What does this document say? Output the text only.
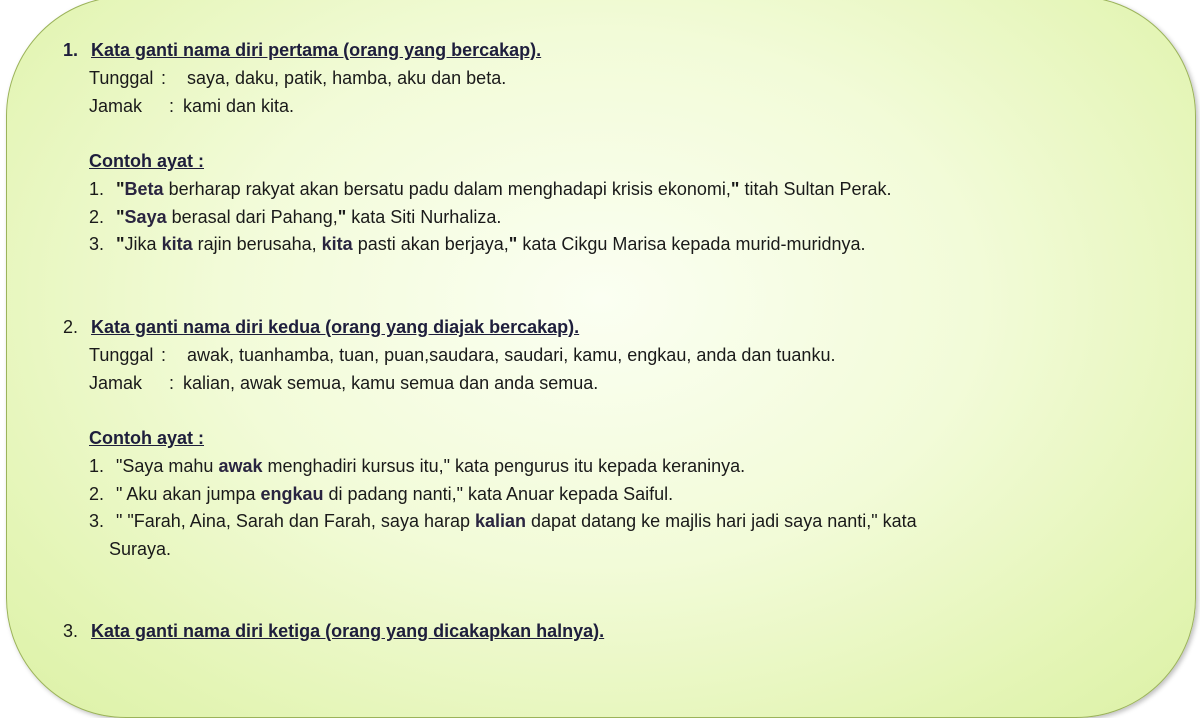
1. Kata ganti nama diri pertama (orang yang bercakap).
Tunggal : saya, daku, patik, hamba, aku dan beta.
Jamak : kami dan kita.
Contoh ayat :
1. "Beta berharap rakyat akan bersatu padu dalam menghadapi krisis ekonomi," titah Sultan Perak.
2. "Saya berasal dari Pahang," kata Siti Nurhaliza.
3. "Jika kita rajin berusaha, kita pasti akan berjaya," kata Cikgu Marisa kepada murid-muridnya.
2. Kata ganti nama diri kedua (orang yang diajak bercakap).
Tunggal : awak, tuanhamba, tuan, puan,saudara, saudari, kamu, engkau, anda dan tuanku.
Jamak : kalian, awak semua, kamu semua dan anda semua.
Contoh ayat :
1. "Saya mahu awak menghadiri kursus itu," kata pengurus itu kepada keraninya.
2. " Aku akan jumpa engkau di padang nanti," kata Anuar kepada Saiful.
3. " "Farah, Aina, Sarah dan Farah, saya harap kalian dapat datang ke majlis hari jadi saya nanti," kata
Suraya.
3. Kata ganti nama diri ketiga (orang yang dicakapkan halnya).
